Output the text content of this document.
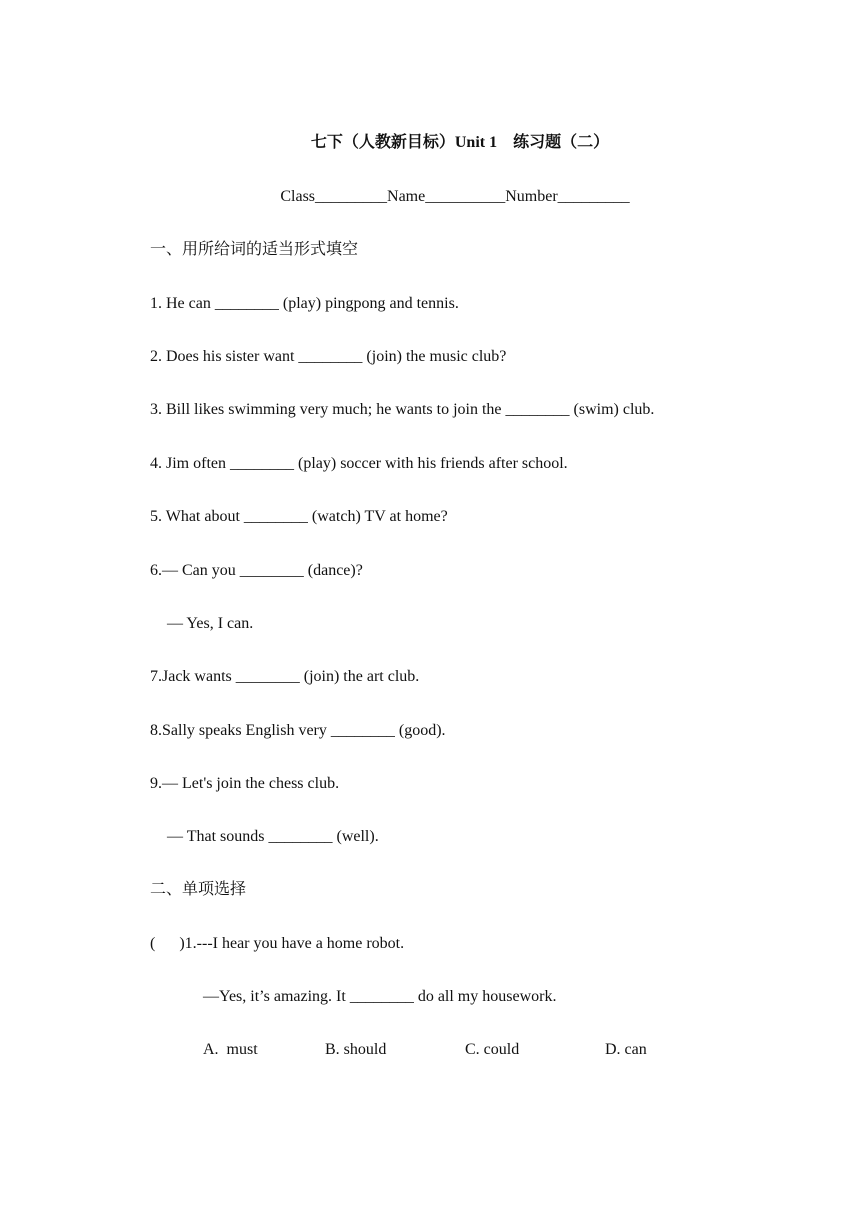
七下（人教新目标）Unit 1　练习题（二）
Class_________Name__________Number_________
一、用所给词的适当形式填空
1. He can ________ (play) pingpong and tennis.
2. Does his sister want ________ (join) the music club?
3. Bill likes swimming very much; he wants to join the ________ (swim) club.
4. Jim often ________ (play) soccer with his friends after school.
5. What about ________ (watch) TV at home?
6.— Can you ________ (dance)?
— Yes, I can.
7.Jack wants ________ (join) the art club.
8.Sally speaks English very ________ (good).
9.— Let's join the chess club.
— That sounds ________ (well).
二、单项选择
(      )1.---I hear you have a home robot.
—Yes, it’s amazing. It ________ do all my housework.
A.  must	B. should	C. could	D. can
